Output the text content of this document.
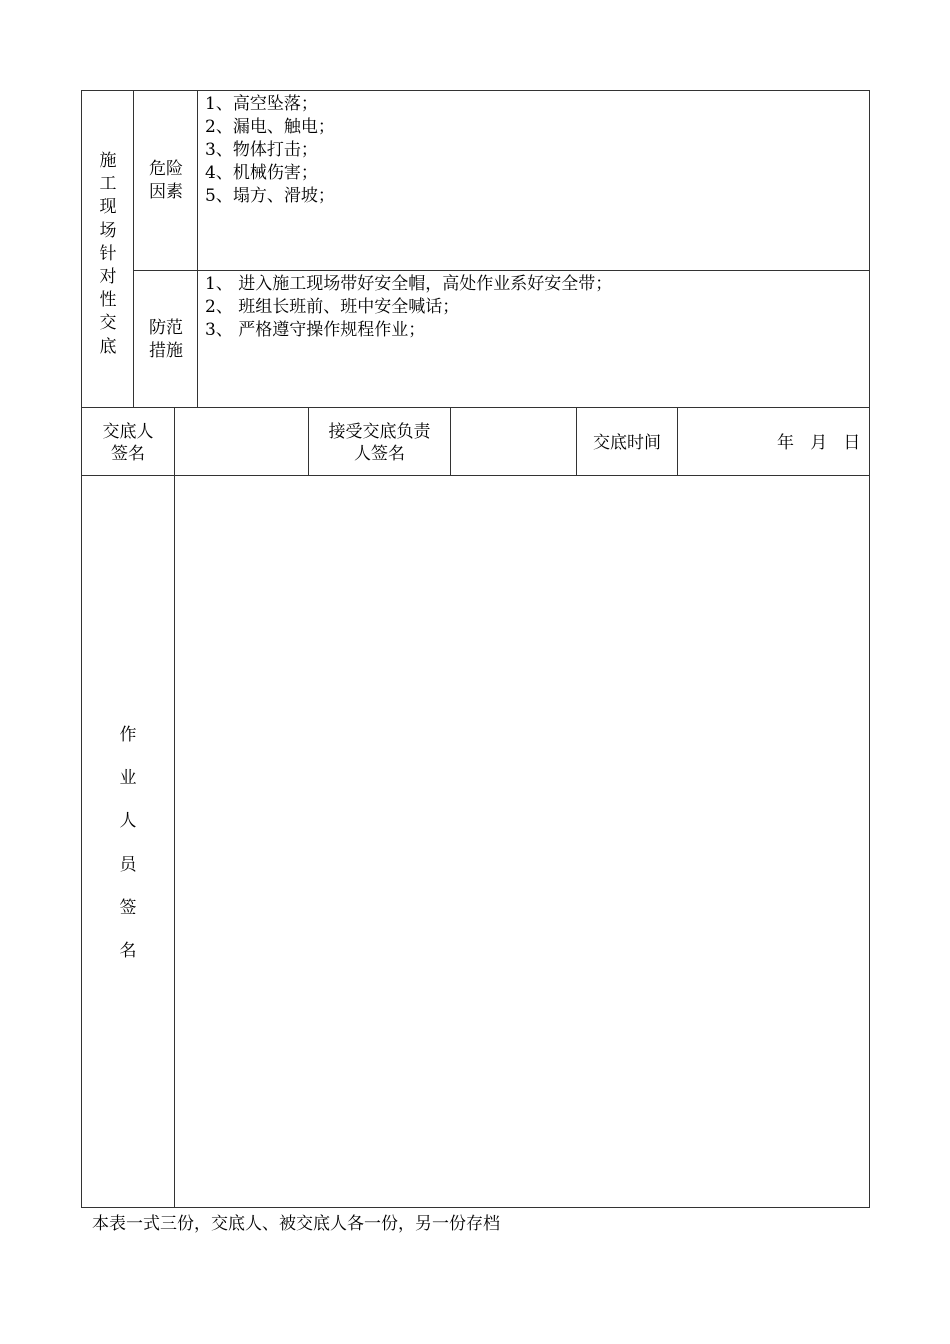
施
工
现
场
针
对
性
交
底
危险
因素
1、高空坠落；
2、漏电、触电；
3、物体打击；
4、机械伤害；
5、塌方、滑坡；
防范
措施
1、 进入施工现场带好安全帽，高处作业系好安全带；
2、 班组长班前、班中安全喊话；
3、 严格遵守操作规程作业；
交底人
签名
接受交底负责
人签名
交底时间	年   月   日
作
业
人
员
签
名
本表一式三份，交底人、被交底人各一份，另一份存档
